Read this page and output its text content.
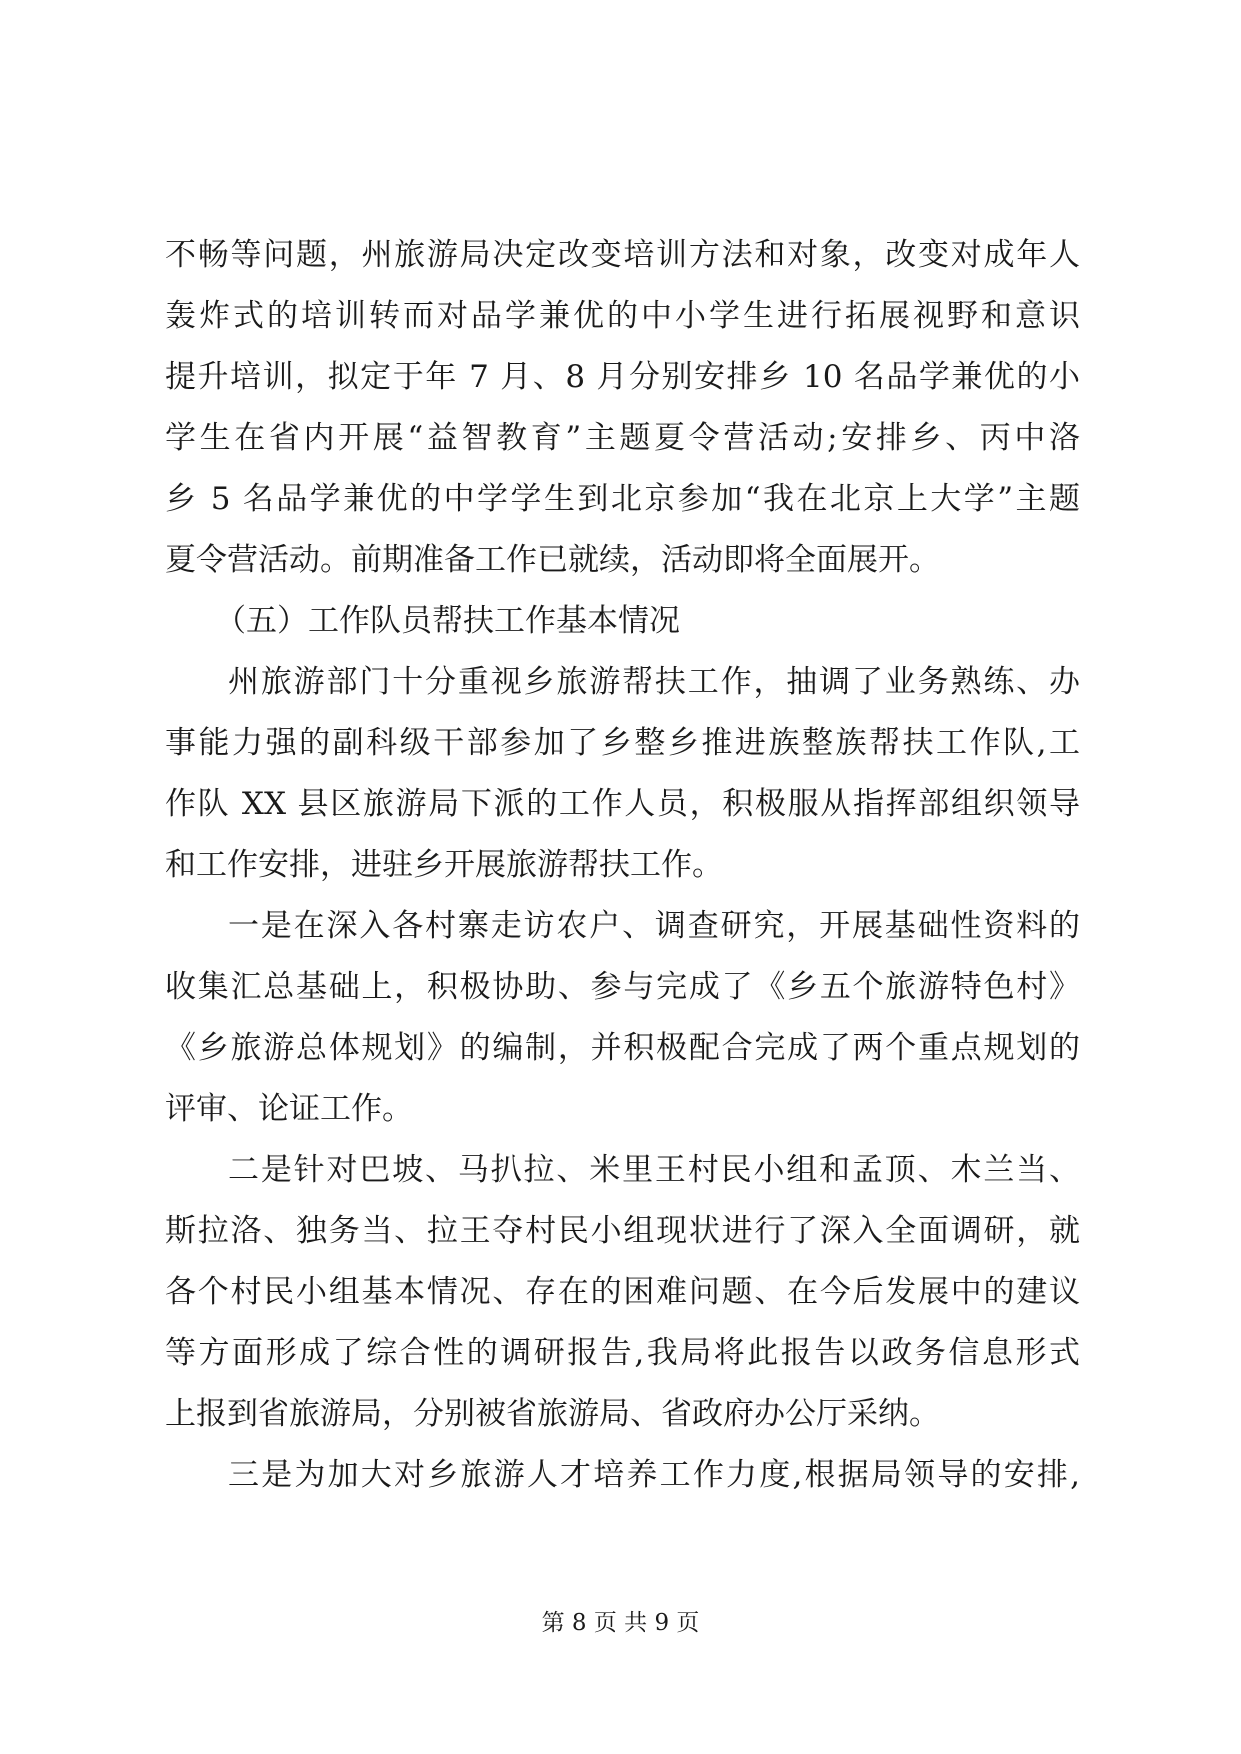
不畅等问题，州旅游局决定改变培训方法和对象，改变对成年人
轰炸式的培训转而对品学兼优的中小学生进行拓展视野和意识
提升培训，拟定于年 7 月、8 月分别安排乡 10 名品学兼优的小
学生在省内开展“益智教育”主题夏令营活动;安排乡、丙中洛
乡 5 名品学兼优的中学学生到北京参加“我在北京上大学”主题
夏令营活动。前期准备工作已就续，活动即将全面展开。
（五）工作队员帮扶工作基本情况
州旅游部门十分重视乡旅游帮扶工作，抽调了业务熟练、办
事能力强的副科级干部参加了乡整乡推进族整族帮扶工作队,工
作队 XX 县区旅游局下派的工作人员，积极服从指挥部组织领导
和工作安排，进驻乡开展旅游帮扶工作。
一是在深入各村寨走访农户、调查研究，开展基础性资料的
收集汇总基础上，积极协助、参与完成了《乡五个旅游特色村》
《乡旅游总体规划》的编制，并积极配合完成了两个重点规划的
评审、论证工作。
二是针对巴坡、马扒拉、米里王村民小组和孟顶、木兰当、
斯拉洛、独务当、拉王夺村民小组现状进行了深入全面调研，就
各个村民小组基本情况、存在的困难问题、在今后发展中的建议
等方面形成了综合性的调研报告,我局将此报告以政务信息形式
上报到省旅游局，分别被省旅游局、省政府办公厅采纳。
三是为加大对乡旅游人才培养工作力度,根据局领导的安排,
第 8 页 共 9 页
